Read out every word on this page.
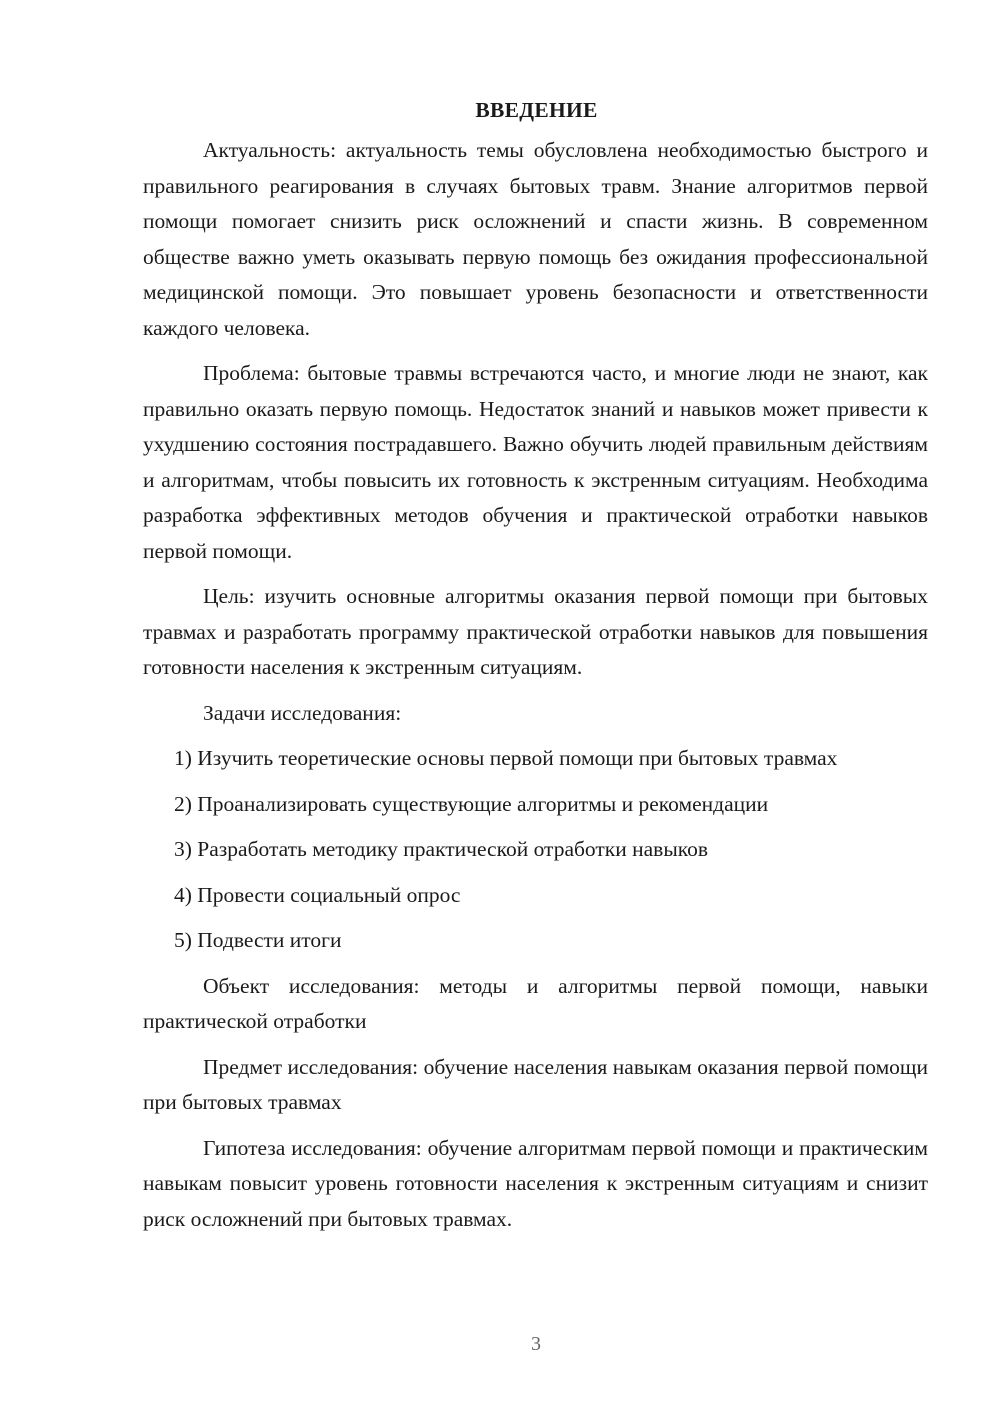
ВВЕДЕНИЕ

Актуальность: актуальность темы обусловлена необходимостью быстрого и правильного реагирования в случаях бытовых травм. Знание алгоритмов первой помощи помогает снизить риск осложнений и спасти жизнь. В современном обществе важно уметь оказывать первую помощь без ожидания профессиональной медицинской помощи. Это повышает уровень безопасности и ответственности каждого человека.

Проблема: бытовые травмы встречаются часто, и многие люди не знают, как правильно оказать первую помощь. Недостаток знаний и навыков может привести к ухудшению состояния пострадавшего. Важно обучить людей правильным действиям и алгоритмам, чтобы повысить их готовность к экстренным ситуациям. Необходима разработка эффективных методов обучения и практической отработки навыков первой помощи.

Цель: изучить основные алгоритмы оказания первой помощи при бытовых травмах и разработать программу практической отработки навыков для повышения готовности населения к экстренным ситуациям.

Задачи исследования:

1) Изучить теоретические основы первой помощи при бытовых травмах

2) Проанализировать существующие алгоритмы и рекомендации

3) Разработать методику практической отработки навыков

4) Провести социальный опрос

5) Подвести итоги

Объект исследования: методы и алгоритмы первой помощи, навыки практической отработки

Предмет исследования: обучение населения навыкам оказания первой помощи при бытовых травмах

Гипотеза исследования: обучение алгоритмам первой помощи и практическим навыкам повысит уровень готовности населения к экстренным ситуациям и снизит риск осложнений при бытовых травмах.

3
